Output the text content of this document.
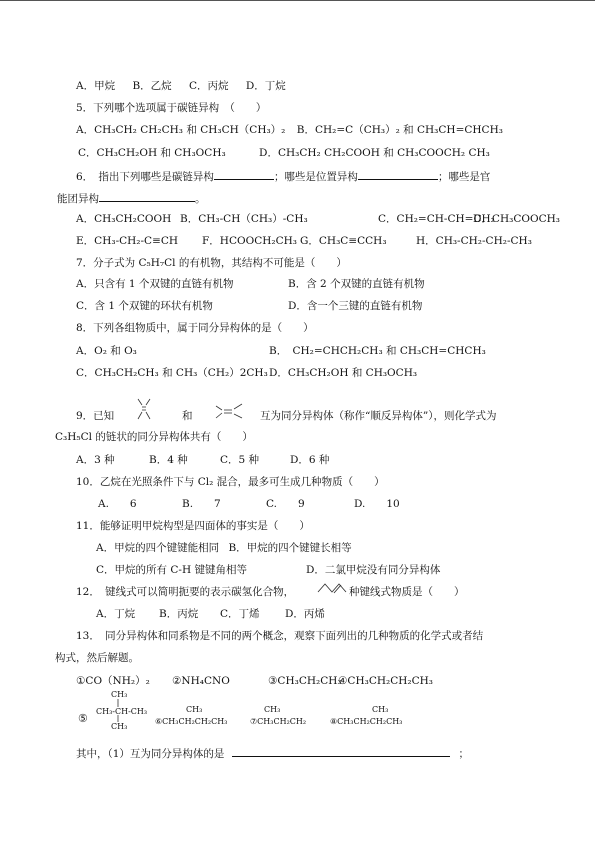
A．甲烷 B．乙烷 C．丙烷 D．丁烷
5．下列哪个选项属于碳链异构　（　　）
A．CH₃CH₂ CH₂CH₃ 和 CH₃CH（CH₃）₂ B．CH₂=C（CH₃）₂ 和 CH₃CH=CHCH₃
C．CH₃CH₂OH 和 CH₃OCH₃	D．CH₃CH₂ CH₂COOH 和 CH₃COOCH₂ CH₃
6．　指出下列哪些是碳链异构	；哪些是位置异构	；哪些是官
能团异构	。
A．CH₃CH₂COOH B．CH₃-CH（CH₃）-CH₃	C．CH₂=CH-CH=CH₂
D．CH₃COOCH₃
E．CH₃-CH₂-C≡CH F．HCOOCH₂CH₃ G．CH₃C≡CCH₃	H．CH₃-CH₂-CH₂-CH₃
7．分子式为 C₅H₇Cl 的有机物，其结构不可能是（　　）
A．只含有 1 个双键的直链有机物	B．含 2 个双键的直链有机物
C．含 1 个双键的环状有机物	D．含一个三键的直链有机物
8．下列各组物质中，属于同分异构体的是（　　）
A．O₂ 和 O₃	B．　CH₂=CHCH₂CH₃ 和 CH₃CH=CHCH₃
C．CH₃CH₂CH₃ 和 CH₃（CH₂）2CH₃ D．CH₃CH₂OH 和 CH₃OCH₃
9．已知	和	互为同分异构体（称作“顺反异构体”），则化学式为
C₃H₅Cl 的链状的同分异构体共有（　　）
A．3 种	B．4 种	C．5 种	D．6 种
10．乙烷在光照条件下与 Cl₂ 混合，最多可生成几种物质（　　）
A.　　6	B.　　7	C.　　9	D.　　10
11．能够证明甲烷构型是四面体的事实是（　　）
A．甲烷的四个键键能相同 B．甲烷的四个键键长相等
C．甲烷的所有 C-H 键键角相等	D．二氯甲烷没有同分异构体
12．　键线式可以简明扼要的表示碳氢化合物，	种键线式物质是（　　）
A．丁烷 B．丙烷 C．丁烯 D．丙烯
13．　同分异构体和同系物是不同的两个概念，观察下面列出的几种物质的化学式或者结
构式，然后解题。
①CO（NH₂）₂ ②NH₄CNO	③CH₃CH₂CH₃
④CH₃CH₂CH₂CH₃
⑤
CH₃
CH₃-CH-CH₃
CH₃
CH₃
⑥CH₃CH₂CH₂CH₃
CH₃
⑦CH₃CH₂CH₂
CH₃
⑧CH₃CH₂CH₂CH₃
其中，（1）互为同分异构体的是	；
